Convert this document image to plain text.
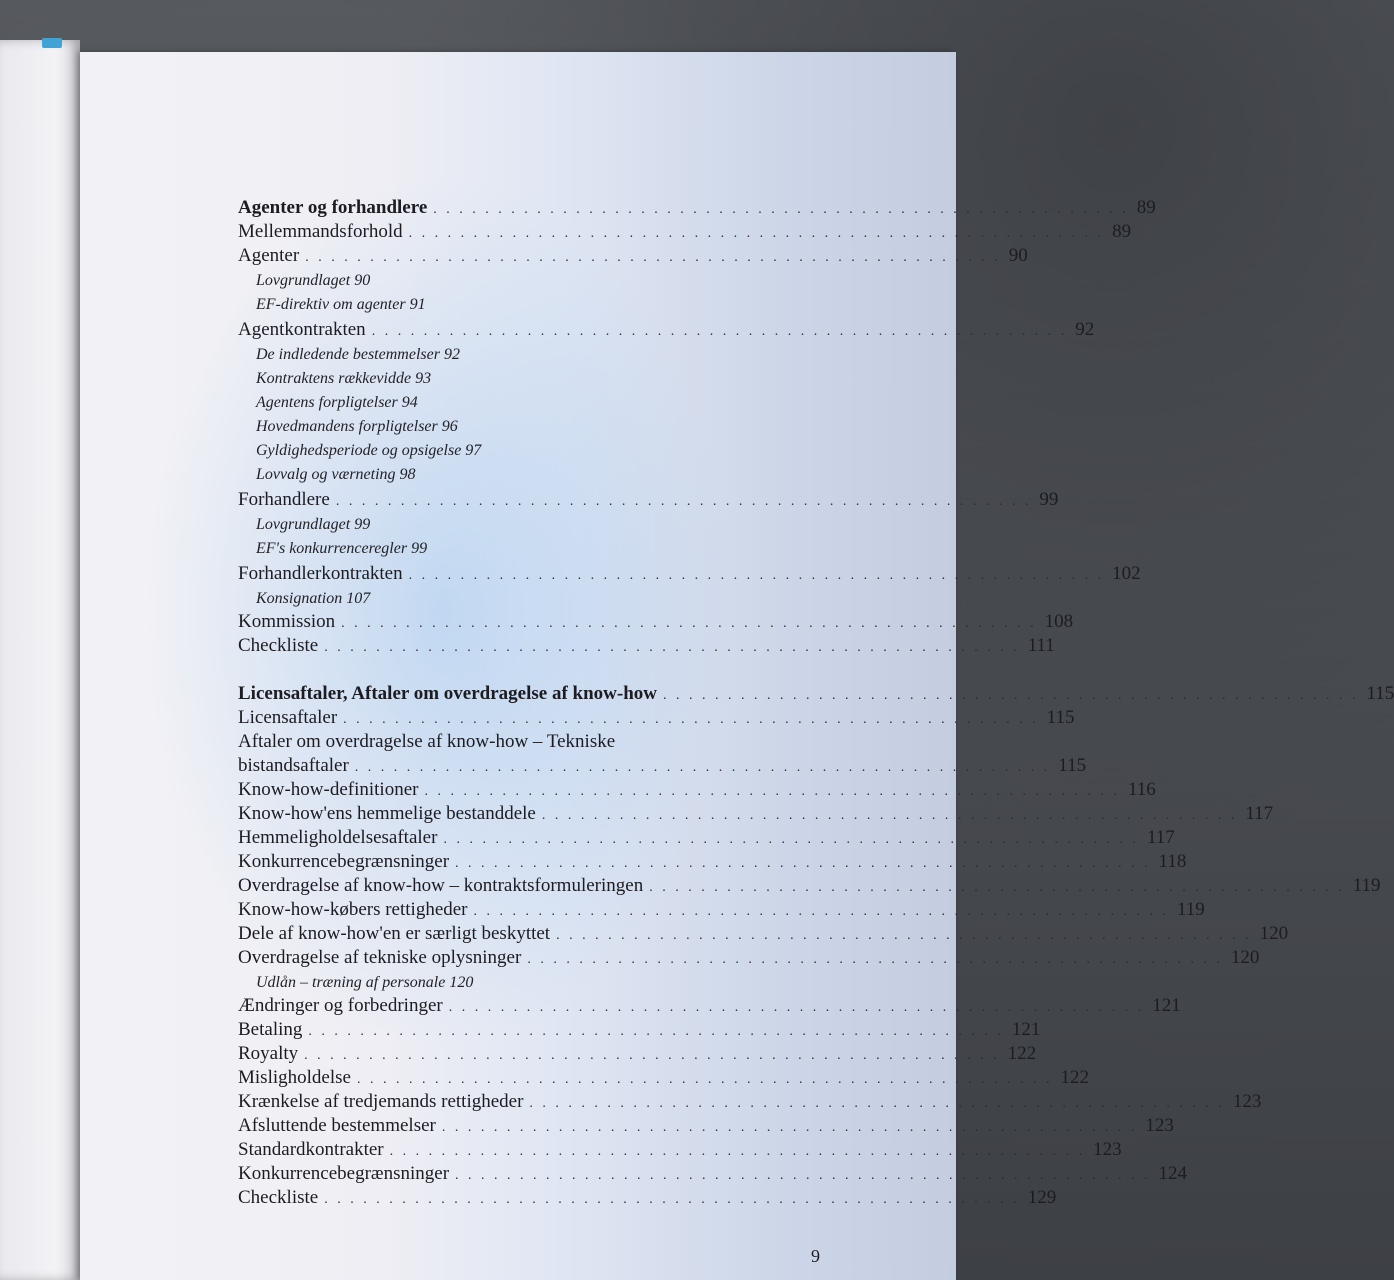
Agenter og forhandlere . . . . . . . . . . . . . . . . . . . . . . . . . . . . . . . . . . . . . . . . . . . . . . . . . . . . . . 89
Mellemmandsforhold . . . . . . . . . . . . . . . . . . . . . . . . . . . . . . . . . . . . . . . . . . . . . . . . . . . . . . 89
Agenter . . . . . . . . . . . . . . . . . . . . . . . . . . . . . . . . . . . . . . . . . . . . . . . . . . . . . . 90
Lovgrundlaget 90
EF-direktiv om agenter 91
Agentkontrakten . . . . . . . . . . . . . . . . . . . . . . . . . . . . . . . . . . . . . . . . . . . . . . . . . . . . . . 92
De indledende bestemmelser 92
Kontraktens rækkevidde 93
Agentens forpligtelser 94
Hovedmandens forpligtelser 96
Gyldighedsperiode og opsigelse 97
Lovvalg og værneting 98
Forhandlere . . . . . . . . . . . . . . . . . . . . . . . . . . . . . . . . . . . . . . . . . . . . . . . . . . . . . . 99
Lovgrundlaget 99
EF's konkurrenceregler 99
Forhandlerkontrakten . . . . . . . . . . . . . . . . . . . . . . . . . . . . . . . . . . . . . . . . . . . . . . . . . . . . . . 102
Konsignation 107
Kommission . . . . . . . . . . . . . . . . . . . . . . . . . . . . . . . . . . . . . . . . . . . . . . . . . . . . . . 108
Checkliste . . . . . . . . . . . . . . . . . . . . . . . . . . . . . . . . . . . . . . . . . . . . . . . . . . . . . . 111
Licensaftaler, Aftaler om overdragelse af know-how . . . . . . . . . . . . . . . . . . . . . . . . . . . . . . . . . . . . . . . . . . . . . . . . . . . . . . 115
Licensaftaler . . . . . . . . . . . . . . . . . . . . . . . . . . . . . . . . . . . . . . . . . . . . . . . . . . . . . . 115
Aftaler om overdragelse af know-how – Tekniske
bistandsaftaler . . . . . . . . . . . . . . . . . . . . . . . . . . . . . . . . . . . . . . . . . . . . . . . . . . . . . . 115
Know-how-definitioner . . . . . . . . . . . . . . . . . . . . . . . . . . . . . . . . . . . . . . . . . . . . . . . . . . . . . . 116
Know-how'ens hemmelige bestanddele . . . . . . . . . . . . . . . . . . . . . . . . . . . . . . . . . . . . . . . . . . . . . . . . . . . . . . 117
Hemmeligholdelsesaftaler . . . . . . . . . . . . . . . . . . . . . . . . . . . . . . . . . . . . . . . . . . . . . . . . . . . . . . 117
Konkurrencebegrænsninger . . . . . . . . . . . . . . . . . . . . . . . . . . . . . . . . . . . . . . . . . . . . . . . . . . . . . . 118
Overdragelse af know-how – kontraktsformuleringen . . . . . . . . . . . . . . . . . . . . . . . . . . . . . . . . . . . . . . . . . . . . . . . . . . . . . . 119
Know-how-købers rettigheder . . . . . . . . . . . . . . . . . . . . . . . . . . . . . . . . . . . . . . . . . . . . . . . . . . . . . . 119
Dele af know-how'en er særligt beskyttet . . . . . . . . . . . . . . . . . . . . . . . . . . . . . . . . . . . . . . . . . . . . . . . . . . . . . . 120
Overdragelse af tekniske oplysninger . . . . . . . . . . . . . . . . . . . . . . . . . . . . . . . . . . . . . . . . . . . . . . . . . . . . . . 120
Udlån – træning af personale 120
Ændringer og forbedringer . . . . . . . . . . . . . . . . . . . . . . . . . . . . . . . . . . . . . . . . . . . . . . . . . . . . . . 121
Betaling . . . . . . . . . . . . . . . . . . . . . . . . . . . . . . . . . . . . . . . . . . . . . . . . . . . . . . 121
Royalty . . . . . . . . . . . . . . . . . . . . . . . . . . . . . . . . . . . . . . . . . . . . . . . . . . . . . . 122
Misligholdelse . . . . . . . . . . . . . . . . . . . . . . . . . . . . . . . . . . . . . . . . . . . . . . . . . . . . . . 122
Krænkelse af tredjemands rettigheder . . . . . . . . . . . . . . . . . . . . . . . . . . . . . . . . . . . . . . . . . . . . . . . . . . . . . . 123
Afsluttende bestemmelser . . . . . . . . . . . . . . . . . . . . . . . . . . . . . . . . . . . . . . . . . . . . . . . . . . . . . . 123
Standardkontrakter . . . . . . . . . . . . . . . . . . . . . . . . . . . . . . . . . . . . . . . . . . . . . . . . . . . . . . 123
Konkurrencebegrænsninger . . . . . . . . . . . . . . . . . . . . . . . . . . . . . . . . . . . . . . . . . . . . . . . . . . . . . . 124
Checkliste . . . . . . . . . . . . . . . . . . . . . . . . . . . . . . . . . . . . . . . . . . . . . . . . . . . . . . 129
9
